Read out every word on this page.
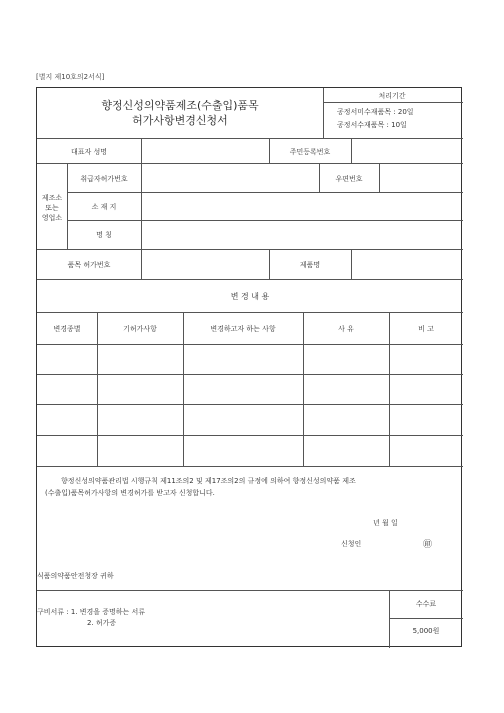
[별지 제10호의2서식]
향정신성의약품제조(수출입)품목
허가사항변경신청서
처리기간
공정서미수재품목 : 20일
공정서수재품목 : 10일
대표자 성명	주민등록번호
제조소
또는
영업소
취급자허가번호	우편번호
소 재 지
명 칭
품목 허가번호	제품명
변 경 내 용
변경종별	기허가사항	변경하고자 하는 사항	사 유	비 고
향정신성의약품관리법 시행규칙 제11조의2 및 제17조의2의 규정에 의하여 향정신성의약품 제조
(수출입)품목허가사항의 변경허가를 받고자 신청합니다.
년 월 일
신청인	㊞
식품의약품안전청장 귀하
구비서류 : 1. 변경을 증명하는 서류
2. 허가증
수수료
5,000원
